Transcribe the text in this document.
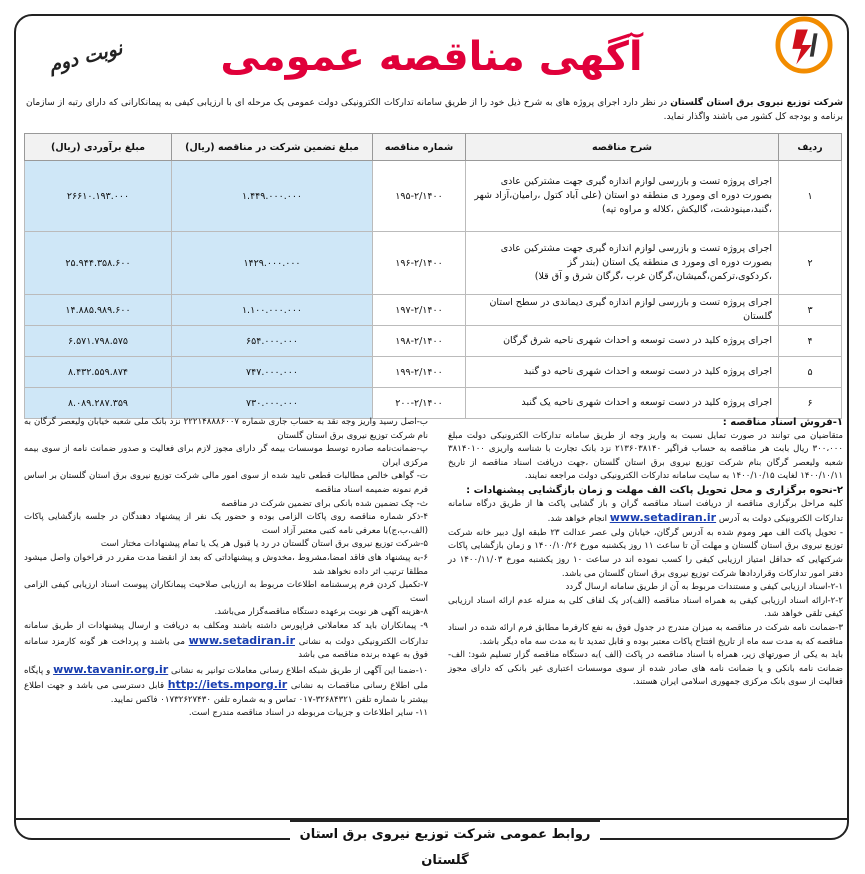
آگهی مناقصه عمومی
نوبت دوم
شرکت توزیع نیروی برق استان گلستان در نظر دارد اجرای پروژه های به شرح ذیل خود را از طریق سامانه تدارکات الکترونیکی دولت عمومی یک مرحله ای با ارزیابی کیفی به پیمانکارانی که دارای رتبه از سازمان برنامه و بودجه کل کشور می باشند واگذار نماید.
ردیف	شرح مناقصه	شماره مناقصه	مبلغ تضمین شرکت در مناقصه (ریال)	مبلغ برآوردی (ریال)
۱	اجرای پروژه تست و بازرسی لوازم اندازه گیری جهت مشترکین عادی بصورت دوره ای ومورد ی منطقه دو استان (علی آباد کتول ،رامیان،آزاد شهر ،گنبد،مینودشت، گالیکش ،کلاله و مراوه تپه)	۱۹۵-۲/۱۴۰۰	۱.۴۴۹.۰۰۰.۰۰۰	۲۶۶۱۰.۱۹۳.۰۰۰
۲	اجرای پروژه تست و بازرسی لوازم اندازه گیری جهت مشترکین عادی بصورت دوره ای ومورد ی منطقه یک استان (بندر گز ،کردکوی،ترکمن،گمیشان،گرگان غرب ،گرگان شرق و آق قلا)	۱۹۶-۲/۱۴۰۰	۱۴۲۹.۰۰۰.۰۰۰	۲۵.۹۴۴.۳۵۸.۶۰۰
۳	اجرای پروژه تست و بازرسی لوازم اندازه گیری دیماندی در سطح استان گلستان	۱۹۷-۲/۱۴۰۰	۱.۱۰۰.۰۰۰.۰۰۰	۱۴.۸۸۵.۹۸۹.۶۰۰
۴	اجرای پروژه کلید در دست توسعه و احداث شهری ناحیه شرق گرگان	۱۹۸-۲/۱۴۰۰	۶۵۴.۰۰۰.۰۰۰	۶.۵۷۱.۷۹۸.۵۷۵
۵	اجرای پروژه کلید در دست توسعه و احداث شهری ناحیه دو گنبد	۱۹۹-۲/۱۴۰۰	۷۴۷.۰۰۰.۰۰۰	۸.۴۳۲.۵۵۹.۸۷۴
۶	اجرای پروژه کلید در دست توسعه و احداث شهری ناحیه یک گنبد	۲۰۰-۲/۱۴۰۰	۷۳۰.۰۰۰.۰۰۰	۸.۰۸۹.۲۸۷.۳۵۹
۱-فروش اسناد مناقصه :

متقاضیان می توانند در صورت تمایل نسبت به واریز وجه از طریق سامانه تدارکات الکترونیکی دولت مبلغ ۳۰۰،۰۰۰ ریال بابت هر مناقصه به حساب فراگیر ۲۱۳۶۰۳۸۱۴۰ نزد بانک تجارت با شناسه واریزی ۳۸۱۴۰۱۰۰ شعبه ولیعصر گرگان بنام شرکت توزیع نیروی برق استان گلستان ،جهت دریافت اسناد مناقصه از تاریخ ۱۴۰۰/۱۰/۱۱ لغایت ۱۴۰۰/۱۰/۱۵ به سایت سامانه تدارکات الکترونیکی دولت مراجعه نمایند.

۲-نحوه برگزاری و محل تحویل پاکت الف مهلت و زمان بازگشایی پیشنهادات :

کلیه مراحل برگزاری مناقصه از دریافت اسناد مناقصه گران و باز گشایی پاکت ها از طریق درگاه سامانه تدارکات الکترونیکی دولت به آدرس www.setadiran.ir انجام خواهد شد.

- تحویل پاکت الف مهر وموم شده به آدرس گرگان، خیابان ولی عصر عدالت ۲۳ طبقه اول دبیر خانه شرکت توزیع نیروی برق استان گلستان و مهلت آن تا ساعت ۱۱ روز یکشنبه مورخ ۱۴۰۰/۱۰/۲۶ و زمان بازگشایی پاکات شرکتهایی که حداقل امتیاز ارزیابی کیفی را کسب نموده اند در ساعت ۱۰ روز یکشنبه مورخ ۱۴۰۰/۱۱/۰۳ در دفتر امور تدارکات وقراردادها شرکت توزیع نیروی برق استان گلستان می باشد.

۲-۱-اسناد ارزیابی کیفی و مستندات مربوط به آن از طریق سامانه ارسال گردد

۲-۲-ارائه اسناد ارزیابی کیفی به همراه اسناد مناقصه (الف)در یک لفاف کلی به منزله عدم ارائه اسناد ارزیابی کیفی تلقی خواهد شد.

۳-ضمانت نامه شرکت در مناقصه به میزان مندرج در جدول فوق به نفع کارفرما مطابق فرم ارائه شده در اسناد مناقصه که به مدت سه ماه از تاریخ افتتاح پاکات معتبر بوده و قابل تمدید تا به مدت سه ماه دیگر باشد.

باید به یکی از صورتهای زیر، همراه با اسناد مناقصه در پاکت (الف )به دستگاه مناقصه گزار تسلیم شود: الف-ضمانت نامه بانکی و یا ضمانت نامه های صادر شده از سوی موسسات اعتباری غیر بانکی که دارای مجوز فعالیت از سوی بانک مرکزی جمهوری اسلامی ایران هستند.

ب-اصل رسید واریز وجه نقد به حساب جاری شماره ۲۲۲۱۴۸۸۸۶۰۰۷ نزد بانک ملی شعبه خیابان ولیعصر گرگان به نام شرکت توزیع نیروی برق استان گلستان

پ-ضمانت‌نامه صادره توسط موسسات بیمه گر دارای مجوز لازم برای فعالیت و صدور ضمانت نامه از سوی بیمه مرکزی ایران

ت- گواهی خالص مطالبات قطعی تایید شده از سوی امور مالی شرکت توزیع نیروی برق استان گلستان بر اساس فرم نمونه ضمیمه اسناد مناقصه

ث- چک تضمین شده بانکی برای تضمین شرکت در مناقصه

۴-ذکر شماره مناقصه روی پاکات الزامی بوده و حضور یک نفر از پیشنهاد دهندگان در جلسه بازگشایی پاکات (الف،ب،ج)با معرفی نامه کتبی معتبر آزاد است

۵-شرکت توزیع نیروی برق استان گلستان در رد یا قبول هر یک یا تمام پیشنهادات مختار است

۶-به پیشنهاد های فاقد امضا،مشروط ،مخدوش و پیشنهاداتی که بعد از انقضا مدت مقرر در فراخوان واصل میشود مطلقا ترتیب اثر داده نخواهد شد

۷-تکمیل کردن فرم پرسشنامه اطلاعات مربوط به ارزیابی صلاحیت پیمانکاران پیوست اسناد ارزیابی کیفی الزامی است

۸-هزینه آگهی هر نوبت برعهده دستگاه مناقصه‌گزار می‌باشد.

۹- پیمانکاران باید کد معاملاتی فراپورس داشته باشند ومکلف به دریافت و ارسال پیشنهادات از طریق سامانه تدارکات الکترونیکی دولت به نشانی www.setadiran.ir می باشند و پرداخت هر گونه کارمزد سامانه فوق به عهده برنده مناقصه می باشد

۱۰-ضمنا این آگهی از طریق شبکه اطلاع رسانی معاملات توانیر به نشانی www.tavanir.org.ir و پایگاه ملی اطلاع رسانی مناقصات به نشانی http://iets.mporg.ir قابل دسترسی می باشد و جهت اطلاع بیشتر با شماره تلفن ۳۲۶۸۴۳۲۱-۰۱۷ تماس و به شماره تلفن ۰۱۷۳۲۶۲۷۴۳۰ فاکس نمایید.

۱۱- سایر اطلاعات و جزییات مربوطه در اسناد مناقصه مندرج است.

روابط عمومی شرکت توزیع نیروی برق استان گلستان
